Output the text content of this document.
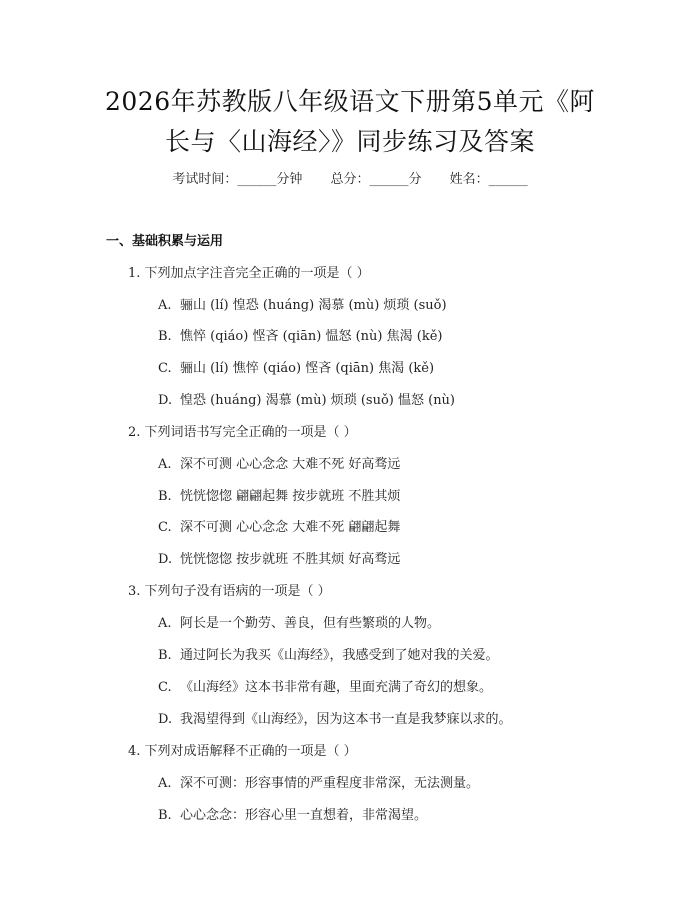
2026年苏教版八年级语文下册第5单元《阿
长与〈山海经〉》同步练习及答案
考试时间：______分钟 总分：______分 姓名：______
一、基础积累与运用
1. 下列加点字注音完全正确的一项是（ ）
A. 骊山 (lí) 惶恐 (huáng) 渴慕 (mù) 烦琐 (suǒ)
B. 憔悴 (qiáo) 悭吝 (qiān) 愠怒 (nù) 焦渴 (kě)
C. 骊山 (lí) 憔悴 (qiáo) 悭吝 (qiān) 焦渴 (kě)
D. 惶恐 (huáng) 渴慕 (mù) 烦琐 (suǒ) 愠怒 (nù)
2. 下列词语书写完全正确的一项是（ ）
A. 深不可测 心心念念 大难不死 好高骛远
B. 恍恍惚惚 翩翩起舞 按步就班 不胜其烦
C. 深不可测 心心念念 大难不死 翩翩起舞
D. 恍恍惚惚 按步就班 不胜其烦 好高骛远
3. 下列句子没有语病的一项是（ ）
A. 阿长是一个勤劳、善良，但有些繁琐的人物。
B. 通过阿长为我买《山海经》，我感受到了她对我的关爱。
C. 《山海经》这本书非常有趣，里面充满了奇幻的想象。
D. 我渴望得到《山海经》，因为这本书一直是我梦寐以求的。
4. 下列对成语解释不正确的一项是（ ）
A. 深不可测：形容事情的严重程度非常深，无法测量。
B. 心心念念：形容心里一直想着，非常渴望。
